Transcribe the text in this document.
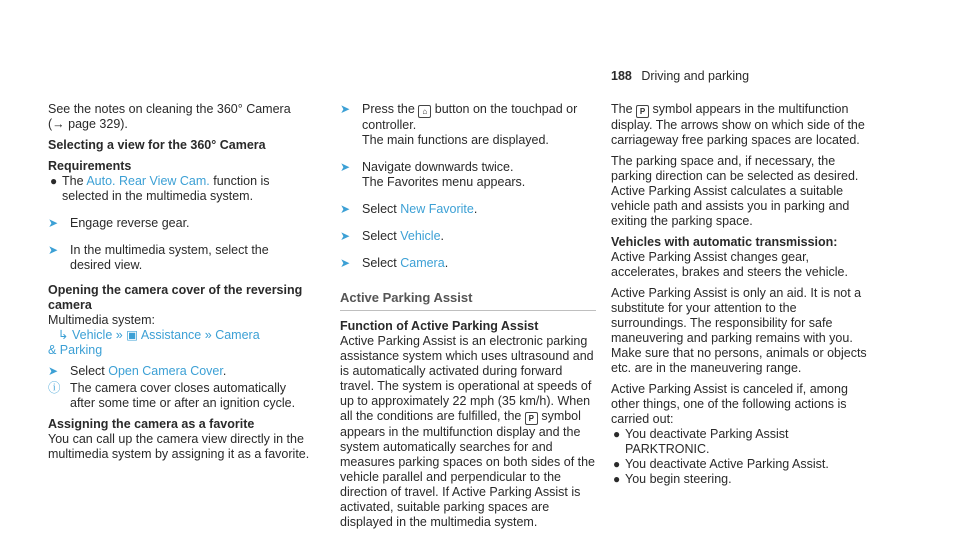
188 Driving and parking

See the notes on cleaning the 360° Camera (→ page 329).

Selecting a view for the 360° Camera

Requirements

● The Auto. Rear View Cam. function is selected in the multimedia system.
➤ Engage reverse gear.
➤ In the multimedia system, select the desired view.

Opening the camera cover of the reversing camera

Multimedia system:

↳ Vehicle » ▣ Assistance » Camera

& Parking

➤ Select Open Camera Cover.
ⓘ The camera cover closes automatically after some time or after an ignition cycle.

Assigning the camera as a favorite

You can call up the camera view directly in the multimedia system by assigning it as a favorite.

➤ Press the ⌂ button on the touchpad or controller.
The main functions are displayed.
➤ Navigate downwards twice.
The Favorites menu appears.
➤ Select New Favorite.
➤ Select Vehicle.
➤ Select Camera.
Active Parking Assist

Function of Active Parking Assist

Active Parking Assist is an electronic parking assistance system which uses ultrasound and is automatically activated during forward travel. The system is operational at speeds of up to approximately 22 mph (35 km/h). When all the conditions are fulfilled, the P symbol appears in the multifunction display and the system automatically searches for and measures parking spaces on both sides of the vehicle parallel and perpendicular to the direction of travel. If Active Parking Assist is activated, suitable parking spaces are displayed in the multimedia system.

The P symbol appears in the multifunction display. The arrows show on which side of the carriageway free parking spaces are located.

The parking space and, if necessary, the parking direction can be selected as desired. Active Parking Assist calculates a suitable vehicle path and assists you in parking and exiting the parking space.

Vehicles with automatic transmission: Active Parking Assist changes gear, accelerates, brakes and steers the vehicle.

Active Parking Assist is only an aid. It is not a substitute for your attention to the surroundings. The responsibility for safe maneuvering and parking remains with you. Make sure that no persons, animals or objects etc. are in the maneuvering range.

Active Parking Assist is canceled if, among other things, one of the following actions is carried out:

● You deactivate Parking Assist PARKTRONIC.
● You deactivate Active Parking Assist.
● You begin steering.
